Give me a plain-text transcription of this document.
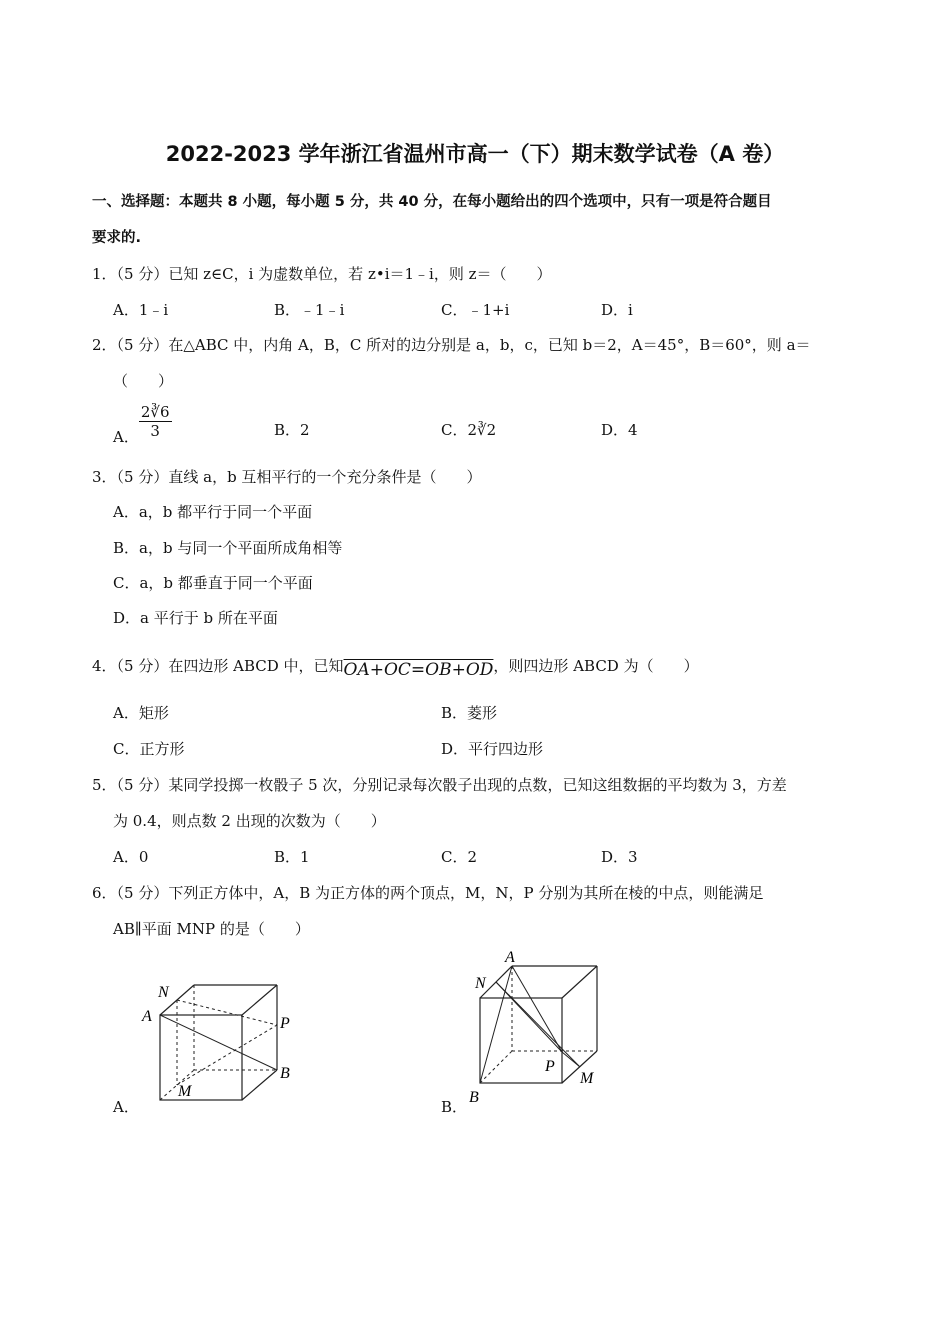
2022-2023 学年浙江省温州市高一（下）期末数学试卷（A 卷）
一、选择题：本题共 8 小题，每小题 5 分，共 40 分，在每小题给出的四个选项中，只有一项是符合题目
要求的.
1．（5 分）已知 z∈C，i 为虚数单位，若 z•i＝1﹣i，则 z＝（　　）
A．1﹣i	B．﹣1﹣i	C．﹣1+i	D．i
2．（5 分）在△ABC 中，内角 A，B，C 所对的边分别是 a，b，c，已知 b＝2，A＝45°，B＝60°，则 a＝
（　　）
A． $\frac{2∛6}{3}$	B．2	C．2∛2	D．4
3．（5 分）直线 a，b 互相平行的一个充分条件是（　　）
A．a，b 都平行于同一个平面
B．a，b 与同一个平面所成角相等
C．a，b 都垂直于同一个平面
D．a 平行于 b 所在平面
4．（5 分）在四边形 ABCD 中，已知OA+OC=OB+OD，则四边形 ABCD 为（　　）
A．矩形	B．菱形
C．正方形	D．平行四边形
5．（5 分）某同学投掷一枚骰子 5 次，分别记录每次骰子出现的点数，已知这组数据的平均数为 3，方差
为 0.4，则点数 2 出现的次数为（　　）
A．0	B．1	C．2	D．3
6．（5 分）下列正方体中，A，B 为正方体的两个顶点，M，N，P 分别为其所在棱的中点，则能满足
AB∥平面 MNP 的是（　　）
A．	B．
N
A	P
B
M
A
N
P
M
B
